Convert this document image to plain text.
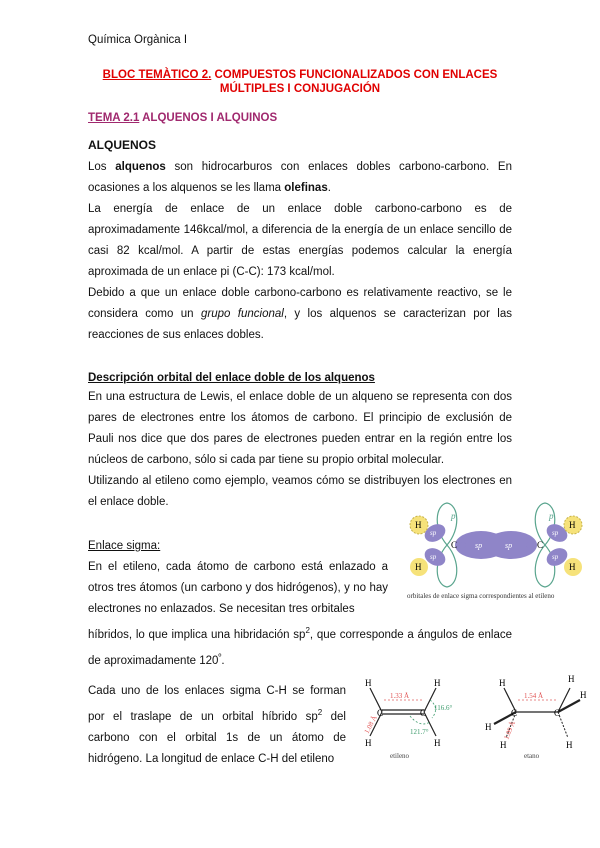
Química Orgànica I
BLOC TEMÀTICO 2. COMPUESTOS FUNCIONALIZADOS CON ENLACES
MÚLTIPLES I CONJUGACIÓN
TEMA 2.1 ALQUENOS I ALQUINOS
ALQUENOS
Los alquenos son hidrocarburos con enlaces dobles carbono-carbono. En ocasiones a los alquenos se les llama olefinas.
La energía de enlace de un enlace doble carbono-carbono es de aproximadamente 146kcal/mol, a diferencia de la energía de un enlace sencillo de casi 82 kcal/mol. A partir de estas energías podemos calcular la energía aproximada de un enlace pi (C-C): 173 kcal/mol.
Debido a que un enlace doble carbono-carbono es relativamente reactivo, se le considera como un grupo funcional, y los alquenos se caracterizan por las reacciones de sus enlaces dobles.
Descripción orbital del enlace doble de los alquenos
En una estructura de Lewis, el enlace doble de un alqueno se representa con dos pares de electrones entre los átomos de carbono. El principio de exclusión de Pauli nos dice que dos pares de electrones pueden entrar en la región entre los núcleos de carbono, sólo si cada par tiene su propio orbital molecular.
Utilizando al etileno como ejemplo, veamos cómo se distribuyen los electrones en el enlace doble.
Enlace sigma:
En el etileno, cada átomo de carbono está enlazado a otros tres átomos (un carbono y dos hidrógenos), y no hay electrones no enlazados. Se necesitan tres orbitales
híbridos, lo que implica una hibridación $sp^2$, que corresponde a ángulos de enlace de aproximadamente $120^º$.
Cada uno de los enlaces sigma C-H se forman por el traslape de un orbital híbrido $sp^2$ del carbono con el orbital 1s de un átomo de hidrógeno. La longitud de enlace C-H del etileno
p	p
sp	sp
C	C
sp
sp
H
H
sp
sp
H
H
orbitales de enlace sigma correspondientes al etileno
C	C
H
H
H
H
1.33 Å
1.08 Å
116.6°
121.7°
etileno
C	C
H
H
H
H
H
H
1.54 Å
1.09 Å
etano
